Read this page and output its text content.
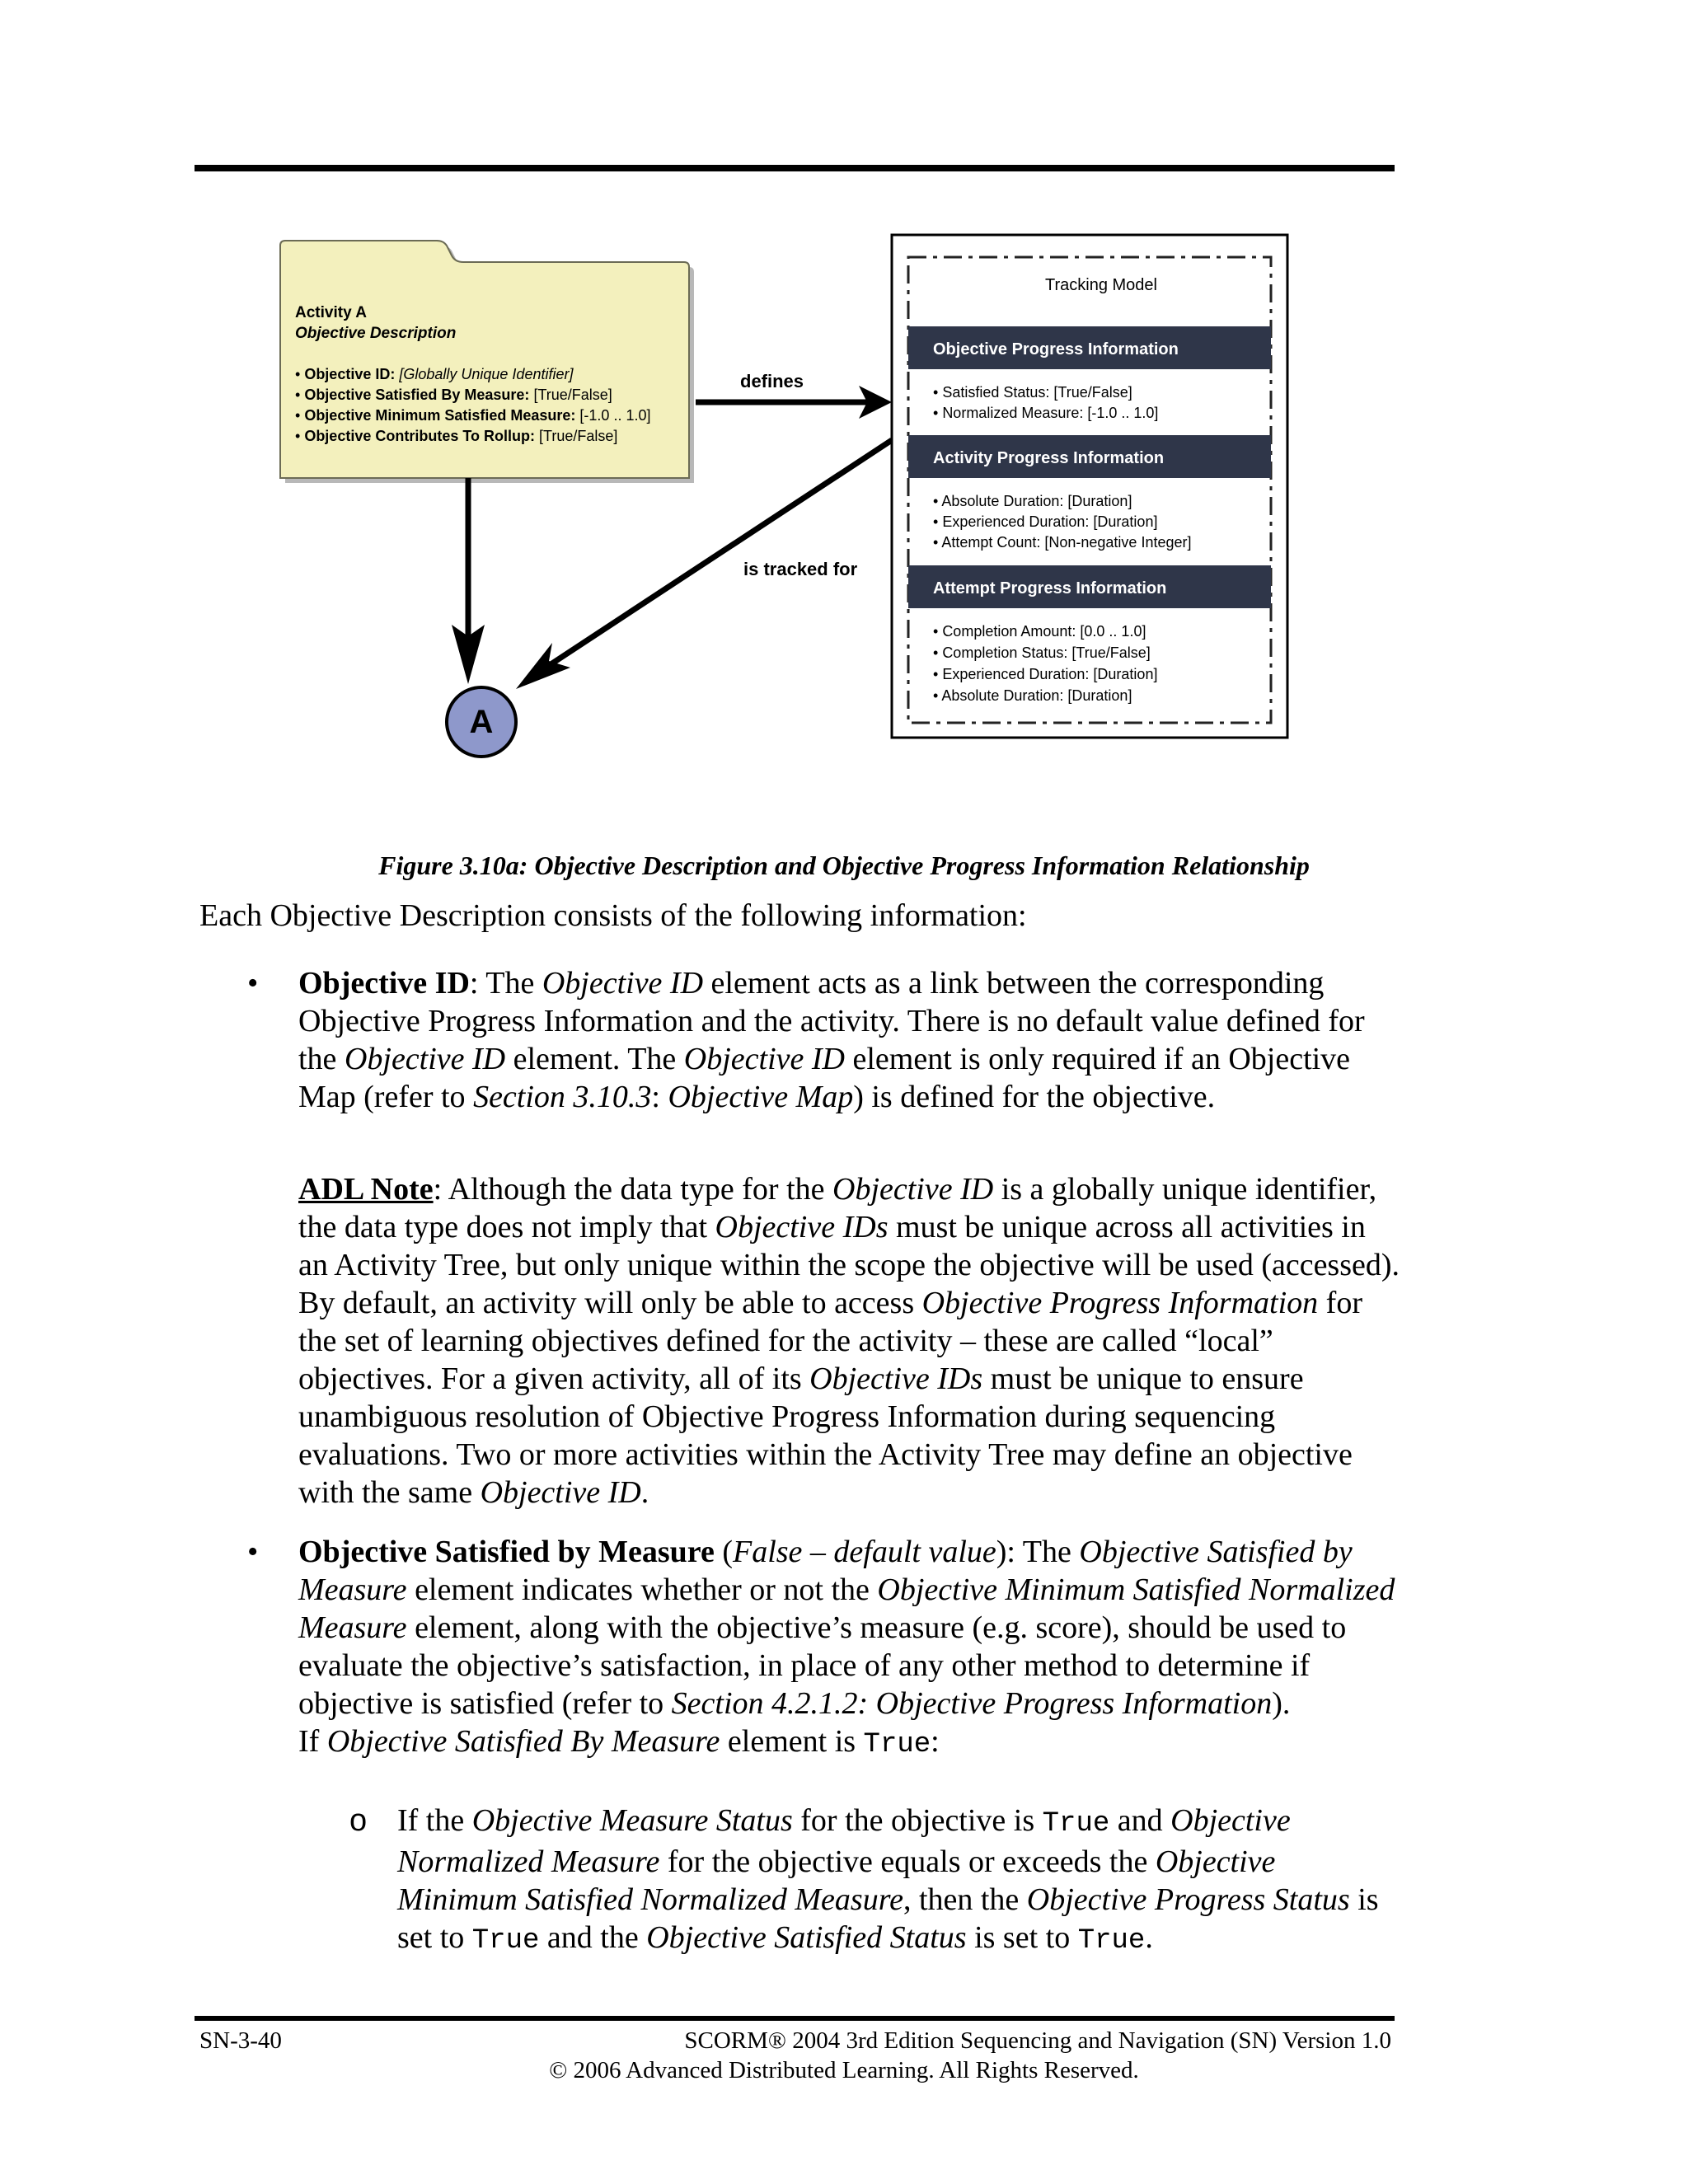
Activity A
Objective Description
• Objective ID: [Globally Unique Identifier]
• Objective Satisfied By Measure: [True/False]
• Objective Minimum Satisfied Measure: [-1.0 .. 1.0]
• Objective Contributes To Rollup: [True/False]
defines
is tracked for
A
Tracking Model
Objective Progress Information
• Satisfied Status: [True/False]
• Normalized Measure: [-1.0 .. 1.0]
Activity Progress Information
• Absolute Duration: [Duration]
• Experienced Duration: [Duration]
• Attempt Count: [Non-negative Integer]
Attempt Progress Information
• Completion Amount: [0.0 .. 1.0]
• Completion Status: [True/False]
• Experienced Duration: [Duration]
• Absolute Duration: [Duration]
Figure 3.10a: Objective Description and Objective Progress Information Relationship
Each Objective Description consists of the following information:
• Objective ID: The Objective ID element acts as a link between the corresponding Objective Progress Information and the activity. There is no default value defined for the Objective ID element. The Objective ID element is only required if an Objective Map (refer to Section 3.10.3: Objective Map) is defined for the objective.

ADL Note: Although the data type for the Objective ID is a globally unique identifier, the data type does not imply that Objective IDs must be unique across all activities in an Activity Tree, but only unique within the scope the objective will be used (accessed). By default, an activity will only be able to access Objective Progress Information for the set of learning objectives defined for the activity – these are called “local” objectives. For a given activity, all of its Objective IDs must be unique to ensure unambiguous resolution of Objective Progress Information during sequencing evaluations. Two or more activities within the Activity Tree may define an objective with the same Objective ID.

• Objective Satisfied by Measure (False – default value): The Objective Satisfied by Measure element indicates whether or not the Objective Minimum Satisfied Normalized Measure element, along with the objective’s measure (e.g. score), should be used to evaluate the objective’s satisfaction, in place of any other method to determine if objective is satisfied (refer to Section 4.2.1.2: Objective Progress Information).

If Objective Satisfied By Measure element is True:

o If the Objective Measure Status for the objective is True and Objective Normalized Measure for the objective equals or exceeds the Objective Minimum Satisfied Normalized Measure, then the Objective Progress Status is set to True and the Objective Satisfied Status is set to True.

SN-3-40	SCORM® 2004 3rd Edition Sequencing and Navigation (SN) Version 1.0
© 2006 Advanced Distributed Learning. All Rights Reserved.
